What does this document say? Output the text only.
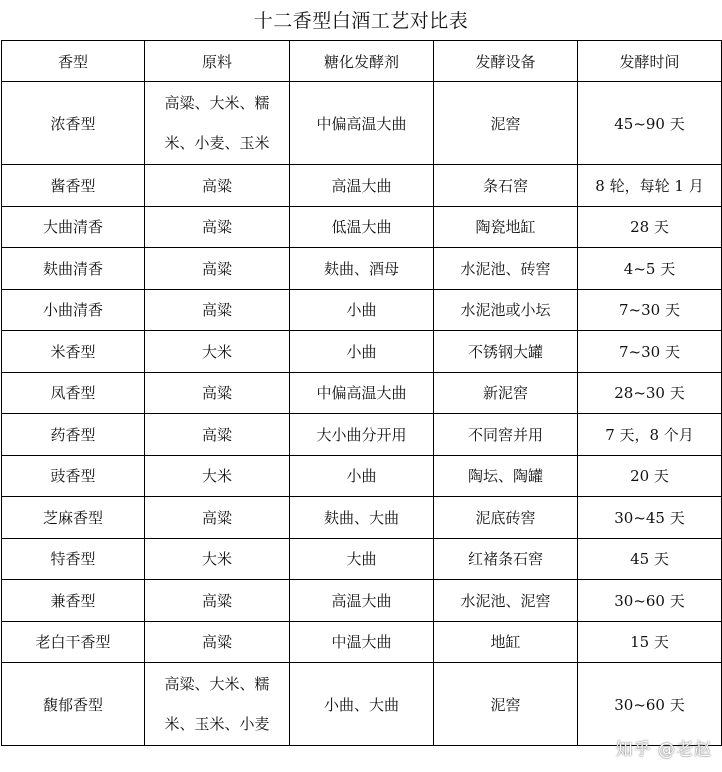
十二香型白酒工艺对比表
香型	原料	糖化发酵剂	发酵设备	发酵时间
浓香型	高粱、大米、糯米、小麦、玉米	中偏高温大曲	泥窖	45~90 天
酱香型	高粱	高温大曲	条石窖	8 轮，每轮 1 月
大曲清香	高粱	低温大曲	陶瓷地缸	28 天
麸曲清香	高粱	麸曲、酒母	水泥池、砖窖	4~5 天
小曲清香	高粱	小曲	水泥池或小坛	7~30 天
米香型	大米	小曲	不锈钢大罐	7~30 天
凤香型	高粱	中偏高温大曲	新泥窖	28~30 天
药香型	高粱	大小曲分开用	不同窖并用	7 天，8 个月
豉香型	大米	小曲	陶坛、陶罐	20 天
芝麻香型	高粱	麸曲、大曲	泥底砖窖	30~45 天
特香型	大米	大曲	红褚条石窖	45 天
兼香型	高粱	高温大曲	水泥池、泥窖	30~60 天
老白干香型	高粱	中温大曲	地缸	15 天
馥郁香型	高粱、大米、糯米、玉米、小麦	小曲、大曲	泥窖	30~60 天
知乎 @老赵
